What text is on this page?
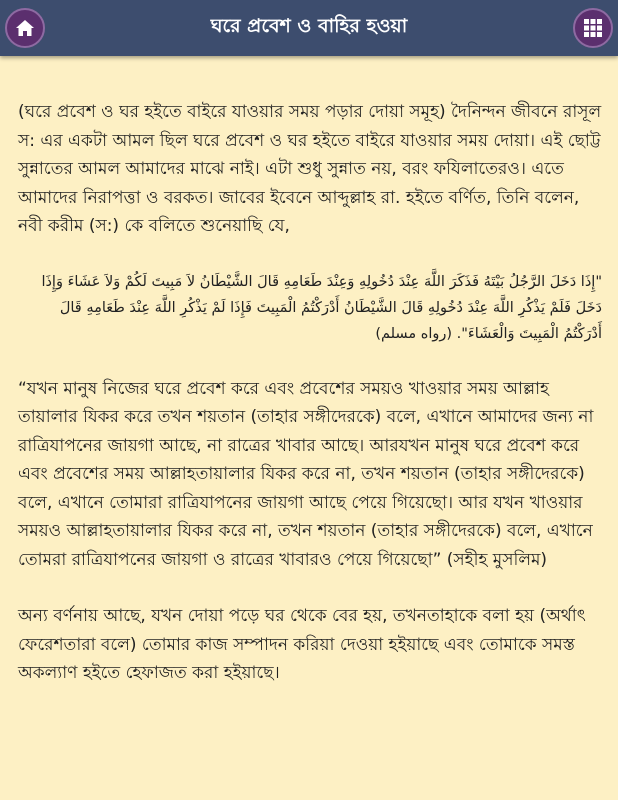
ঘরে প্রবেশ ও বাহির হওয়া

(ঘরে প্রবেশ ও ঘর হইতে বাইরে যাওয়ার সময় পড়ার দোয়া সমূহ) দৈনিন্দন জীবনে রাসূল স: এর একটা আমল ছিল ঘরে প্রবেশ ও ঘর হইতে বাইরে যাওয়ার সময় দোয়া। এই ছোট্ট সুন্নাতের আমল আমাদের মাঝে নাই। এটা শুধু সুন্নাত নয়, বরং ফযিলাতেরও। এতে আমাদের নিরাপত্তা ও বরকত। জাবের ইবেনে আব্দুল্লাহ রা. হইতে বর্ণিত, তিনি বলেন, নবী করীম (স:) কে বলিতে শুনেয়াছি যে,

"إِذَا دَخَلَ الرَّجُلُ بَيْتَهُ فَذَكَرَ اللَّهَ عِنْدَ دُخُولِهِ وَعِنْدَ طَعَامِهِ قَالَ الشَّيْطَانُ لاَ مَبِيتَ لَكُمْ وَلاَ عَشَاءَ وَإِذَا دَخَلَ فَلَمْ يَذْكُرِ اللَّهَ عِنْدَ دُخُولِهِ قَالَ الشَّيْطَانُ أَدْرَكْتُمُ الْمَبِيتَ فَإِذَا لَمْ يَذْكُرِ اللَّهَ عِنْدَ طَعَامِهِ قَالَ أَدْرَكْتُمُ الْمَبِيتَ وَالْعَشَاءَ". (رواه مسلم)

“যখন মানুষ নিজের ঘরে প্রবেশ করে এবং প্রবেশের সময়ও খাওয়ার সময় আল্লাহ তায়ালার যিকর করে তখন শয়তান (তাহার সঙ্গীদেরকে) বলে, এখানে আমাদের জন্য না রাত্রিযাপনের জায়গা আছে, না রাত্রের খাবার আছে। আরযখন মানুষ ঘরে প্রবেশ করে এবং প্রবেশের সময় আল্লাহতায়ালার যিকর করে না, তখন শয়তান (তাহার সঙ্গীদেরকে) বলে, এখানে তোমারা রাত্রিযাপনের জায়গা আছে পেয়ে গিয়েছো। আর যখন খাওয়ার সময়ও আল্লাহতায়ালার যিকর করে না, তখন শয়তান (তাহার সঙ্গীদেরকে) বলে, এখানে তোমরা রাত্রিযাপনের জায়গা ও রাত্রের খাবারও পেয়ে গিয়েছো” (সহীহ মুসলিম)

অন্য বর্ণনায় আছে, যখন দোয়া পড়ে ঘর থেকে বের হয়, তখনতাহাকে বলা হয় (অর্থাৎ ফেরেশতারা বলে) তোমার কাজ সম্পাদন করিয়া দেওয়া হইয়াছে এবং তোমাকে সমস্ত অকল্যাণ হইতে হেফাজত করা হইয়াছে।
